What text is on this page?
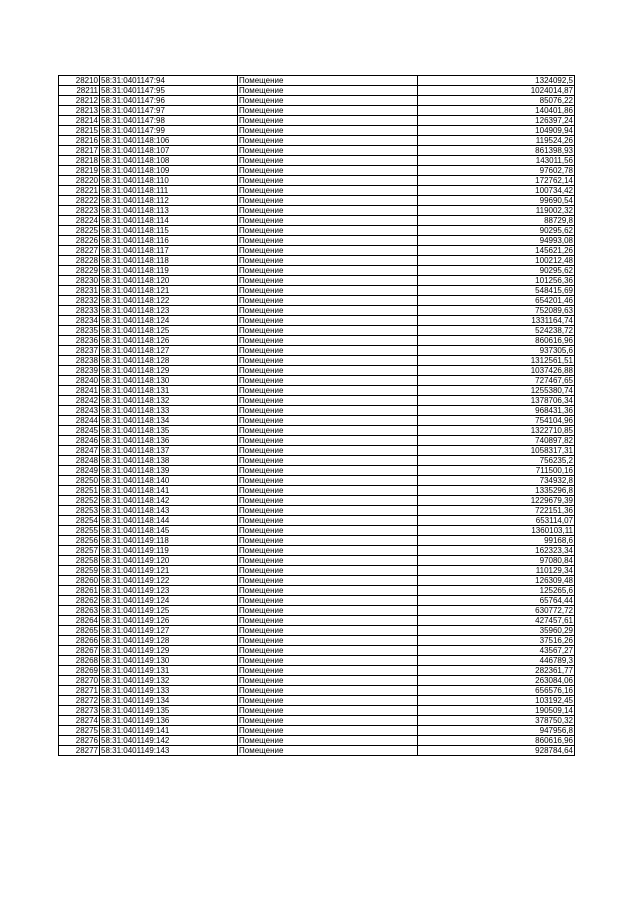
28210	58:31:0401147:94	Помещение	1324092,5
28211	58:31:0401147:95	Помещение	1024014,87
28212	58:31:0401147:96	Помещение	85076,22
28213	58:31:0401147:97	Помещение	140401,86
28214	58:31:0401147:98	Помещение	126397,24
28215	58:31:0401147:99	Помещение	104909,94
28216	58:31:0401148:106	Помещение	119524,26
28217	58:31:0401148:107	Помещение	861398,93
28218	58:31:0401148:108	Помещение	143011,56
28219	58:31:0401148:109	Помещение	97602,78
28220	58:31:0401148:110	Помещение	172762,14
28221	58:31:0401148:111	Помещение	100734,42
28222	58:31:0401148:112	Помещение	99690,54
28223	58:31:0401148:113	Помещение	119002,32
28224	58:31:0401148:114	Помещение	88729,8
28225	58:31:0401148:115	Помещение	90295,62
28226	58:31:0401148:116	Помещение	94993,08
28227	58:31:0401148:117	Помещение	145621,26
28228	58:31:0401148:118	Помещение	100212,48
28229	58:31:0401148:119	Помещение	90295,62
28230	58:31:0401148:120	Помещение	101256,36
28231	58:31:0401148:121	Помещение	548415,69
28232	58:31:0401148:122	Помещение	654201,46
28233	58:31:0401148:123	Помещение	752089,63
28234	58:31:0401148:124	Помещение	1331164,74
28235	58:31:0401148:125	Помещение	524238,72
28236	58:31:0401148:126	Помещение	860616,96
28237	58:31:0401148:127	Помещение	937305,6
28238	58:31:0401148:128	Помещение	1312561,51
28239	58:31:0401148:129	Помещение	1037426,88
28240	58:31:0401148:130	Помещение	727467,65
28241	58:31:0401148:131	Помещение	1255380,74
28242	58:31:0401148:132	Помещение	1378706,34
28243	58:31:0401148:133	Помещение	968431,36
28244	58:31:0401148:134	Помещение	754104,96
28245	58:31:0401148:135	Помещение	1322710,85
28246	58:31:0401148:136	Помещение	740897,82
28247	58:31:0401148:137	Помещение	1058317,31
28248	58:31:0401148:138	Помещение	756235,2
28249	58:31:0401148:139	Помещение	711500,16
28250	58:31:0401148:140	Помещение	734932,8
28251	58:31:0401148:141	Помещение	1335296,8
28252	58:31:0401148:142	Помещение	1229679,39
28253	58:31:0401148:143	Помещение	722151,36
28254	58:31:0401148:144	Помещение	653114,07
28255	58:31:0401148:145	Помещение	1360103,11
28256	58:31:0401149:118	Помещение	99168,6
28257	58:31:0401149:119	Помещение	162323,34
28258	58:31:0401149:120	Помещение	97080,84
28259	58:31:0401149:121	Помещение	110129,34
28260	58:31:0401149:122	Помещение	126309,48
28261	58:31:0401149:123	Помещение	125265,6
28262	58:31:0401149:124	Помещение	65764,44
28263	58:31:0401149:125	Помещение	630772,72
28264	58:31:0401149:126	Помещение	427457,61
28265	58:31:0401149:127	Помещение	35960,29
28266	58:31:0401149:128	Помещение	37516,26
28267	58:31:0401149:129	Помещение	43567,27
28268	58:31:0401149:130	Помещение	446789,3
28269	58:31:0401149:131	Помещение	282361,77
28270	58:31:0401149:132	Помещение	263084,06
28271	58:31:0401149:133	Помещение	656576,16
28272	58:31:0401149:134	Помещение	103192,45
28273	58:31:0401149:135	Помещение	190509,14
28274	58:31:0401149:136	Помещение	378750,32
28275	58:31:0401149:141	Помещение	947956,8
28276	58:31:0401149:142	Помещение	860616,96
28277	58:31:0401149:143	Помещение	928784,64
